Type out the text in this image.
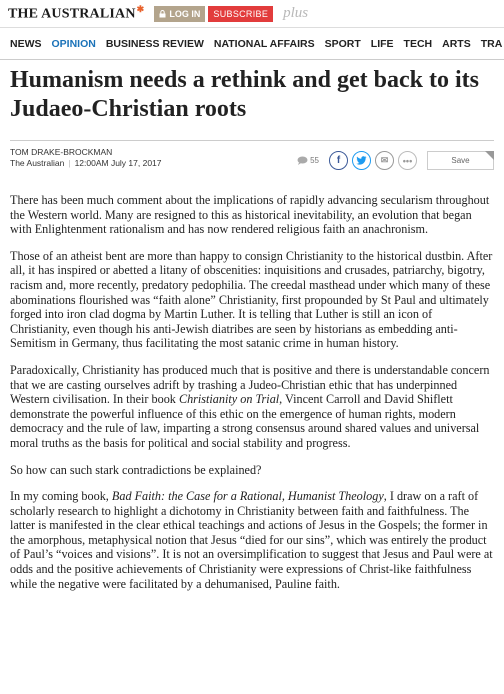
THE AUSTRALIAN✱	LOG IN	SUBSCRIBE	plus
NEWS OPINION BUSINESS REVIEW NATIONAL AFFAIRS SPORT LIFE TECH ARTS TRA
Humanism needs a rethink and get back to its Judaeo-Christian roots
TOM DRAKE-BROCKMAN
The Australian | 12:00AM July 17, 2017	55 f	✉ •••	Save

There has been much comment about the implications of rapidly advancing secularism throughout the Western world. Many are resigned to this as historical inevitability, an evolution that began with Enlightenment rationalism and has now rendered religious faith an anachronism.

Those of an atheist bent are more than happy to consign Christianity to the historical dustbin. After all, it has inspired or abetted a litany of obscenities: inquisitions and crusades, patriarchy, bigotry, racism and, more recently, predatory pedophilia. The creedal masthead under which many of these abominations flourished was “faith alone” Christianity, first propounded by St Paul and ultimately forged into iron clad dogma by Martin Luther. It is telling that Luther is still an icon of Christianity, even though his anti-Jewish diatribes are seen by historians as embedding anti-Semitism in Germany, thus facilitating the most satanic crime in human history.

Paradoxically, Christianity has produced much that is positive and there is understandable concern that we are casting ourselves adrift by trashing a Judeo-Christian ethic that has underpinned Western civilisation. In their book Christianity on Trial, Vincent Carroll and David Shiflett demonstrate the powerful influence of this ethic on the emergence of human rights, modern democracy and the rule of law, imparting a strong consensus around shared values and universal moral truths as the basis for political and social stability and progress.

So how can such stark contradictions be explained?

In my coming book, Bad Faith: the Case for a Rational, Humanist Theology, I draw on a raft of scholarly research to highlight a dichotomy in Christianity between faith and faithfulness. The latter is manifested in the clear ethical teachings and actions of Jesus in the Gospels; the former in the amorphous, metaphysical notion that Jesus “died for our sins”, which was entirely the product of Paul’s “voices and visions”. It is not an oversimplification to suggest that Jesus and Paul were at odds and the positive achievements of Christianity were expressions of Christ-like faithfulness while the negative were facilitated by a dehumanised, Pauline faith.
